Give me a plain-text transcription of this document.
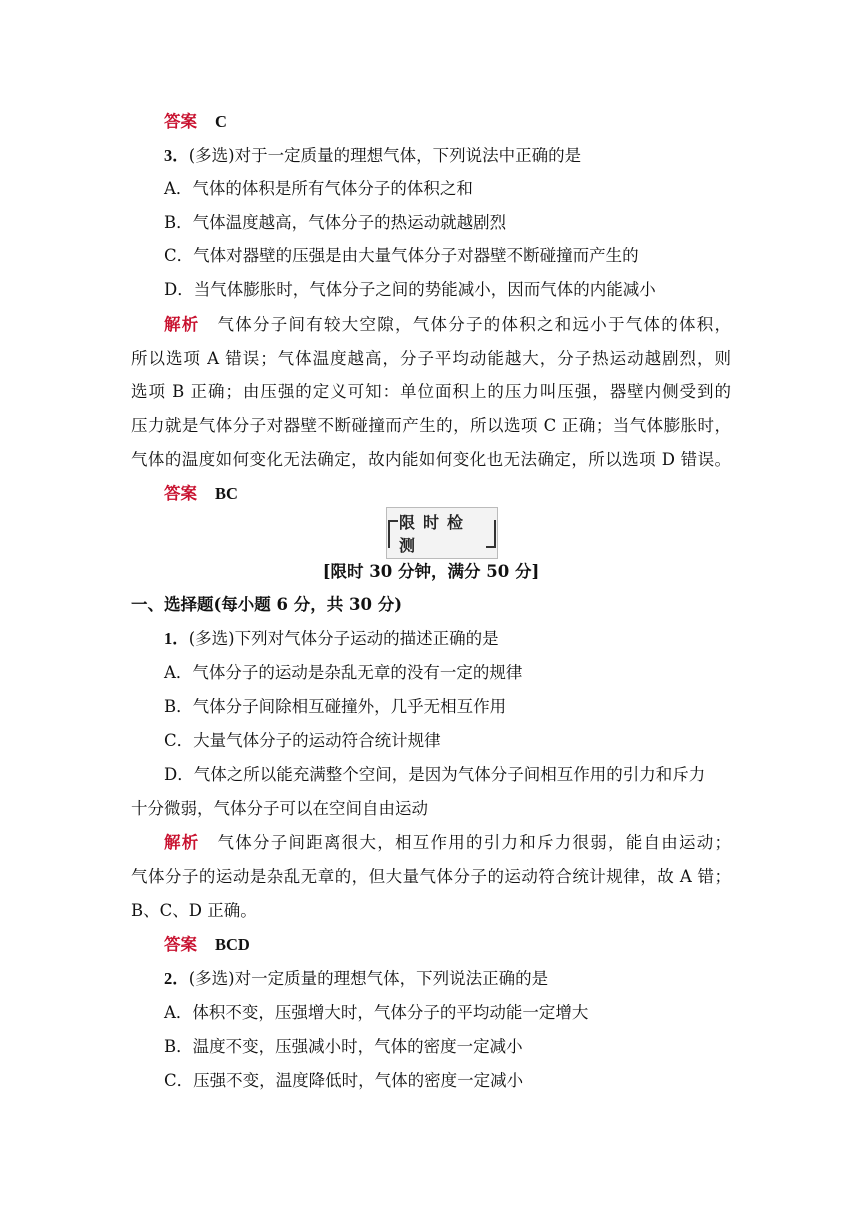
答案 C
3．(多选)对于一定质量的理想气体，下列说法中正确的是
A．气体的体积是所有气体分子的体积之和
B．气体温度越高，气体分子的热运动就越剧烈
C．气体对器壁的压强是由大量气体分子对器壁不断碰撞而产生的
D．当气体膨胀时，气体分子之间的势能减小，因而气体的内能减小
解析 气体分子间有较大空隙，气体分子的体积之和远小于气体的体积，
所以选项 A 错误；气体温度越高，分子平均动能越大，分子热运动越剧烈，则
选项 B 正确；由压强的定义可知：单位面积上的压力叫压强，器壁内侧受到的
压力就是气体分子对器壁不断碰撞而产生的，所以选项 C 正确；当气体膨胀时，
气体的温度如何变化无法确定，故内能如何变化也无法确定，所以选项 D 错误。
答案 BC
限时检测
[限时 30 分钟，满分 50 分]
一、选择题(每小题 6 分，共 30 分)
1．(多选)下列对气体分子运动的描述正确的是
A．气体分子的运动是杂乱无章的没有一定的规律
B．气体分子间除相互碰撞外，几乎无相互作用
C．大量气体分子的运动符合统计规律
D．气体之所以能充满整个空间，是因为气体分子间相互作用的引力和斥力
十分微弱，气体分子可以在空间自由运动
解析 气体分子间距离很大，相互作用的引力和斥力很弱，能自由运动；
气体分子的运动是杂乱无章的，但大量气体分子的运动符合统计规律，故 A 错；
B、C、D 正确。
答案 BCD
2．(多选)对一定质量的理想气体，下列说法正确的是
A．体积不变，压强增大时，气体分子的平均动能一定增大
B．温度不变，压强减小时，气体的密度一定减小
C．压强不变，温度降低时，气体的密度一定减小
